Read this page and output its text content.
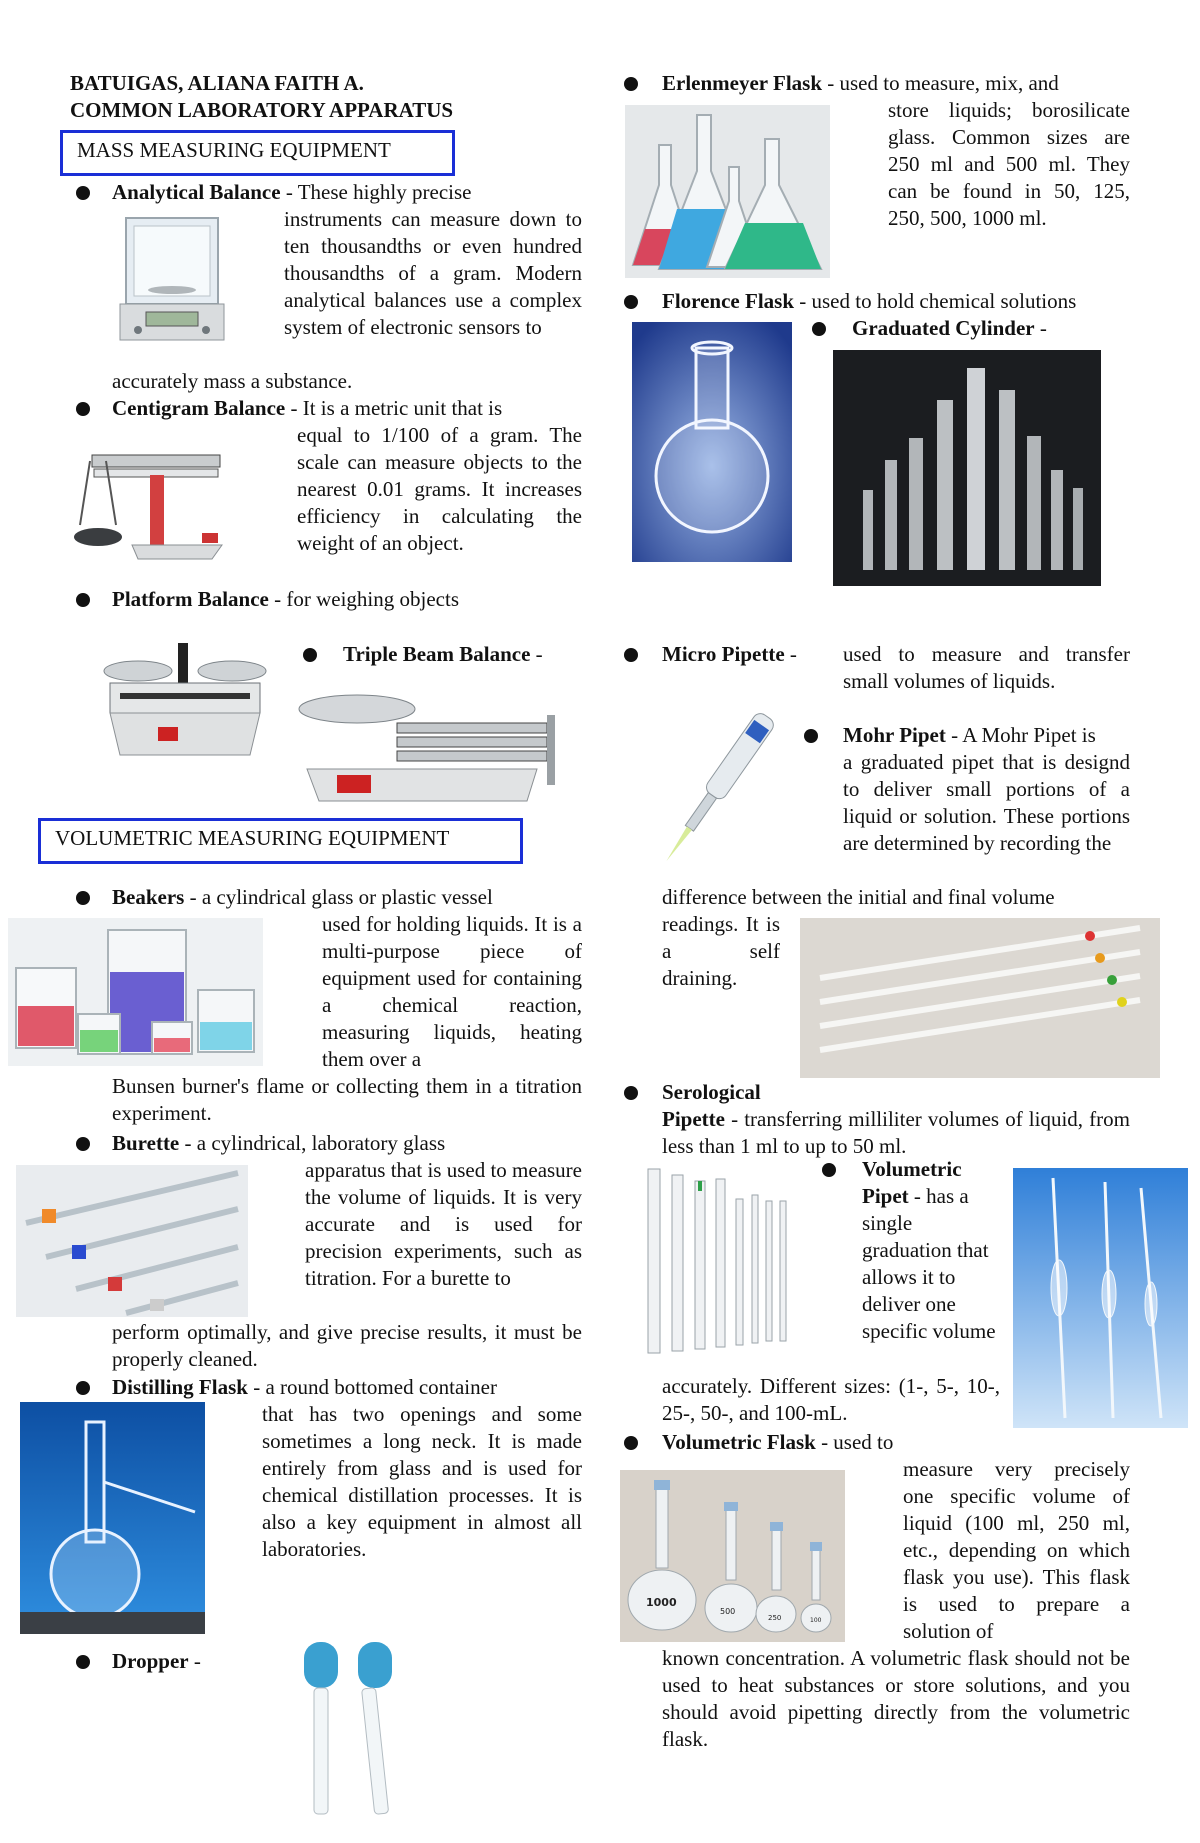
BATUIGAS, ALIANA FAITH A.
COMMON LABORATORY APPARATUS
MASS MEASURING EQUIPMENT
Analytical Balance - These highly precise
instruments can measure down to ten thousandths or even hundred thousandths of a gram. Modern analytical balances use a complex system of electronic sensors to
accurately mass a substance.
Centigram Balance - It is a metric unit that is
equal to 1/100 of a gram. The scale can measure objects to the nearest 0.01 grams. It increases efficiency in calculating the weight of an object.
Platform Balance - for weighing objects
Triple Beam Balance -
VOLUMETRIC MEASURING EQUIPMENT
Beakers - a cylindrical glass or plastic vessel
used for holding liquids. It is a multi-purpose piece of equipment used for containing a chemical reaction, measuring liquids, heating them over a
Bunsen burner's flame or collecting them in a titration experiment.
Burette - a cylindrical, laboratory glass
apparatus that is used to measure the volume of liquids. It is very accurate and is used for precision experiments, such as titration. For a burette to
perform optimally, and give precise results, it must be properly cleaned.
Distilling Flask - a round bottomed container
that has two openings and some sometimes a long neck. It is made entirely from glass and is used for chemical distillation processes. It is also a key equipment in almost all laboratories.
Dropper -
Erlenmeyer Flask - used to measure, mix, and
store liquids; borosilicate glass. Common sizes are 250 ml and 500 ml. They can be found in 50, 125, 250, 500, 1000 ml.
Florence Flask - used to hold chemical solutions
Graduated Cylinder -
Micro Pipette - used to measure and transfer small volumes of liquids.
Mohr Pipet - A Mohr Pipet is
a graduated pipet that is designd to deliver small portions of a liquid or solution. These portions are determined by recording the
difference between the initial and final volume
readings. It is a self draining.
Serological
Pipette - transferring milliliter volumes of liquid, from less than 1 ml to up to 50 ml.
Volumetric
Pipet - has a
single graduation that allows it to deliver one specific volume
accurately. Different sizes: (1-, 5-, 10-, 25-, 50-, and 100-mL.
Volumetric Flask - used to
1000
500
250	100
measure very precisely one specific volume of liquid (100 ml, 250 ml, etc., depending on which flask you use). This flask is used to prepare a solution of
known concentration. A volumetric flask should not be used to heat substances or store solutions, and you should avoid pipetting directly from the volumetric flask.
